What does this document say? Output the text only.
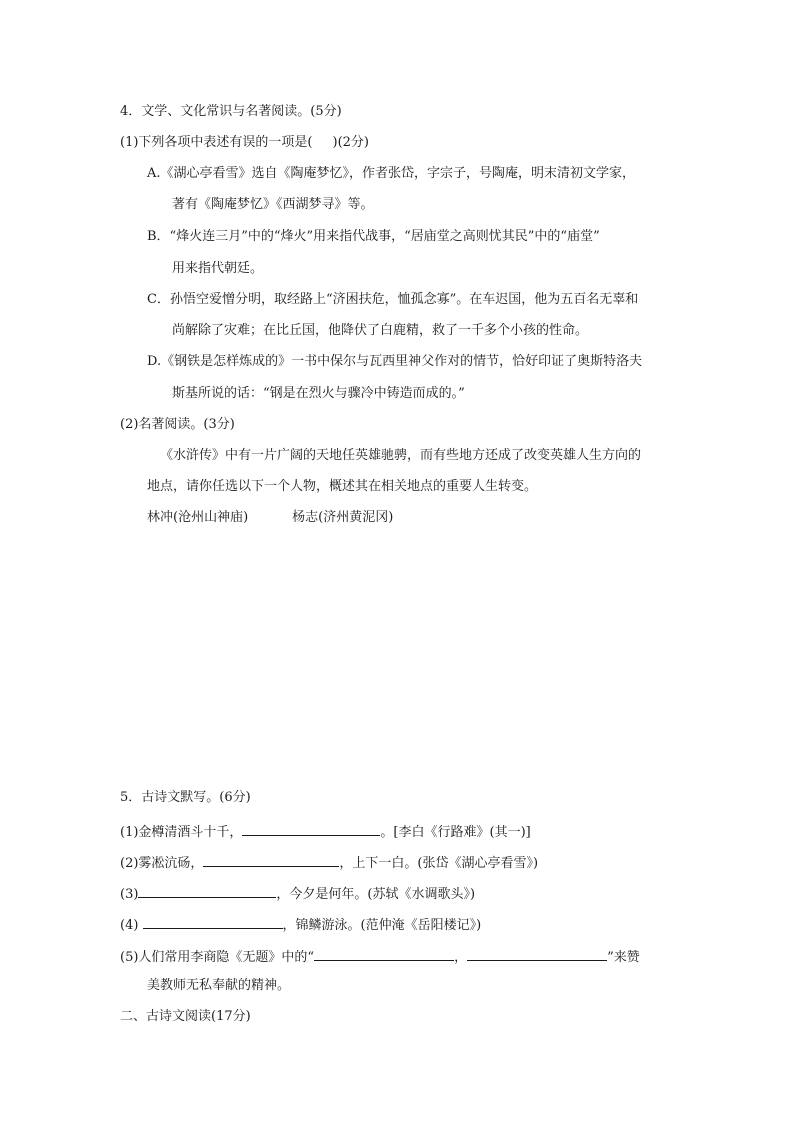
4．文学、文化常识与名著阅读。(5分)
(1)下列各项中表述有误的一项是( )(2分)
A.《湖心亭看雪》选自《陶庵梦忆》，作者张岱，字宗子，号陶庵，明末清初文学家，
著有《陶庵梦忆》《西湖梦寻》等。
B．“烽火连三月”中的“烽火”用来指代战事，“居庙堂之高则忧其民”中的“庙堂”
用来指代朝廷。
C．孙悟空爱憎分明，取经路上“济困扶危，恤孤念寡”。在车迟国，他为五百名无辜和
尚解除了灾难；在比丘国，他降伏了白鹿精，救了一千多个小孩的性命。
D.《钢铁是怎样炼成的》一书中保尔与瓦西里神父作对的情节，恰好印证了奥斯特洛夫
斯基所说的话：“钢是在烈火与骤冷中铸造而成的。”
(2)名著阅读。(3分)
《水浒传》中有一片广阔的天地任英雄驰骋，而有些地方还成了改变英雄人生方向的
地点，请你任选以下一个人物，概述其在相关地点的重要人生转变。
林冲(沧州山神庙)	杨志(济州黄泥冈)
5．古诗文默写。(6分)
(1)金樽清酒斗十千，	。[李白《行路难》(其一)]
(2)雾凇沆砀，	，上下一白。(张岱《湖心亭看雪》)
(3)	，今夕是何年。(苏轼《水调歌头》)
(4)	，锦鳞游泳。(范仲淹《岳阳楼记》)
(5)人们常用李商隐《无题》中的“	，	”来赞
美教师无私奉献的精神。
二、古诗文阅读(17分)
